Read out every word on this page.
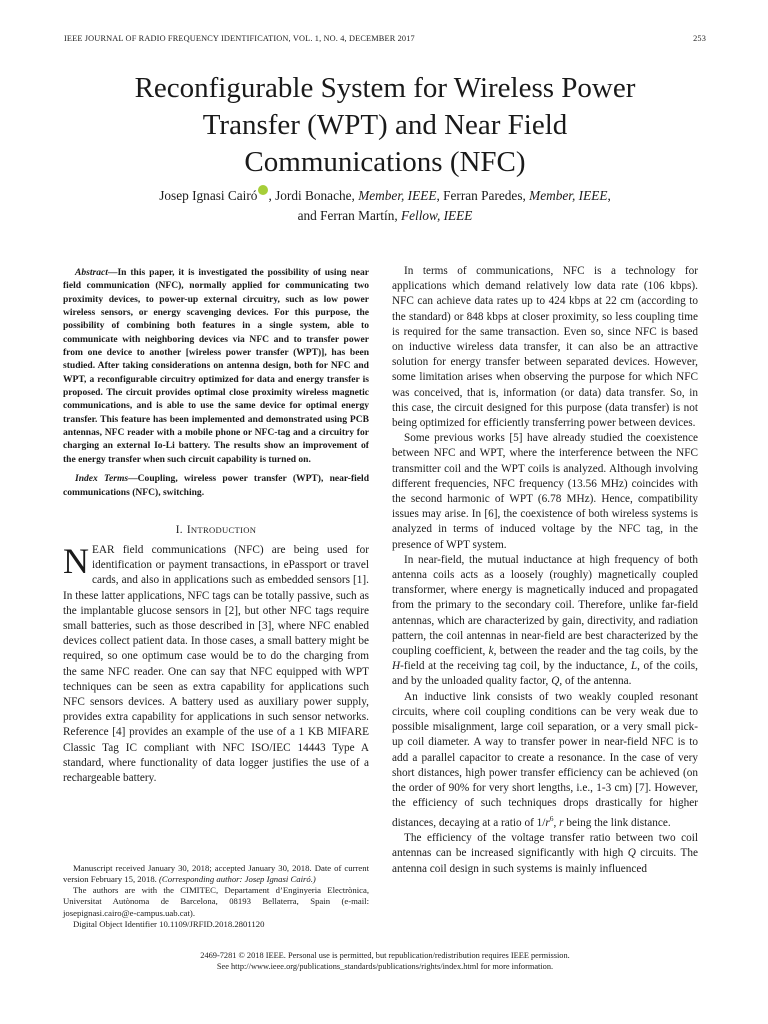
IEEE JOURNAL OF RADIO FREQUENCY IDENTIFICATION, VOL. 1, NO. 4, DECEMBER 2017	253
Reconfigurable System for Wireless Power
Transfer (WPT) and Near Field
Communications (NFC)
Josep Ignasi Cairó , Jordi Bonache, Member, IEEE, Ferran Paredes, Member, IEEE,
and Ferran Martín, Fellow, IEEE

Abstract—In this paper, it is investigated the possibility of using near field communication (NFC), normally applied for communicating two proximity devices, to power-up external circuitry, such as low power wireless sensors, or energy scavenging devices. For this purpose, the possibility of combining both features in a single system, able to communicate with neighboring devices via NFC and to transfer power from one device to another [wireless power transfer (WPT)], has been studied. After taking considerations on antenna design, both for NFC and WPT, a reconfigurable circuitry optimized for data and energy transfer is proposed. The circuit provides optimal close proximity wireless magnetic communications, and is able to use the same device for optimal energy transfer. This feature has been implemented and demonstrated using PCB antennas, NFC reader with a mobile phone or NFC-tag and a circuitry for charging an external Io-Li battery. The results show an improvement of the energy transfer when such circuit capability is turned on.

Index Terms—Coupling, wireless power transfer (WPT), near-field communications (NFC), switching.

I. INTRODUCTION

NEAR field communications (NFC) are being used for identification or payment transactions, in ePassport or travel cards, and also in applications such as embedded sensors [1]. In these latter applications, NFC tags can be totally passive, such as the implantable glucose sensors in [2], but other NFC tags require small batteries, such as those described in [3], where NFC enabled devices collect patient data. In those cases, a small battery might be required, so one optimum case would be to do the charging from the same NFC reader. One can say that NFC equipped with WPT techniques can be seen as extra capability for applications such NFC sensors devices. A battery used as auxiliary power supply, provides extra capability for applications in such sensor networks. Reference [4] provides an example of the use of a 1 KB MIFARE Classic Tag IC compliant with NFC ISO/IEC 14443 Type A standard, where functionality of data logger justifies the use of a rechargeable battery.

Manuscript received January 30, 2018; accepted January 30, 2018. Date of current version February 15, 2018. (Corresponding author: Josep Ignasi Cairó.)

The authors are with the CIMITEC, Departament d’Enginyeria Electrònica, Universitat Autònoma de Barcelona, 08193 Bellaterra, Spain (e-mail: josepignasi.cairo@e-campus.uab.cat).

Digital Object Identifier 10.1109/JRFID.2018.2801120

In terms of communications, NFC is a technology for applications which demand relatively low data rate (106 kbps). NFC can achieve data rates up to 424 kbps at 22 cm (according to the standard) or 848 kbps at closer proximity, so less coupling time is required for the same transaction. Even so, since NFC is based on inductive wireless data transfer, it can also be an attractive solution for energy transfer between separated devices. However, some limitation arises when observing the purpose for which NFC was conceived, that is, information (or data) data transfer. So, in this case, the circuit designed for this purpose (data transfer) is not being optimized for efficiently transferring power between devices.

Some previous works [5] have already studied the coexistence between NFC and WPT, where the interference between the NFC transmitter coil and the WPT coils is analyzed. Although involving different frequencies, NFC frequency (13.56 MHz) coincides with the second harmonic of WPT (6.78 MHz). Hence, compatibility issues may arise. In [6], the coexistence of both wireless systems is analyzed in terms of induced voltage by the NFC tag, in the presence of WPT system.

In near-field, the mutual inductance at high frequency of both antenna coils acts as a loosely (roughly) magnetically coupled transformer, where energy is magnetically induced and propagated from the primary to the secondary coil. Therefore, unlike far-field antennas, which are characterized by gain, directivity, and radiation pattern, the coil antennas in near-field are best characterized by the coupling coefficient, k, between the reader and the tag coils, by the H-field at the receiving tag coil, by the inductance, L, of the coils, and by the unloaded quality factor, Q, of the antenna.

An inductive link consists of two weakly coupled resonant circuits, where coil coupling conditions can be very weak due to possible misalignment, large coil separation, or a very small pick-up coil diameter. A way to transfer power in near-field NFC is to add a parallel capacitor to create a resonance. In the case of very short distances, high power transfer efficiency can be achieved (on the order of 90% for very short lengths, i.e., 1-3 cm) [7]. However, the efficiency of such techniques drops drastically for higher distances, decaying at a ratio of $1/r^6$, r being the link distance.

The efficiency of the voltage transfer ratio between two coil antennas can be increased significantly with high Q circuits. The antenna coil design in such systems is mainly influenced

2469-7281 © 2018 IEEE. Personal use is permitted, but republication/redistribution requires IEEE permission.
See http://www.ieee.org/publications_standards/publications/rights/index.html for more information.
